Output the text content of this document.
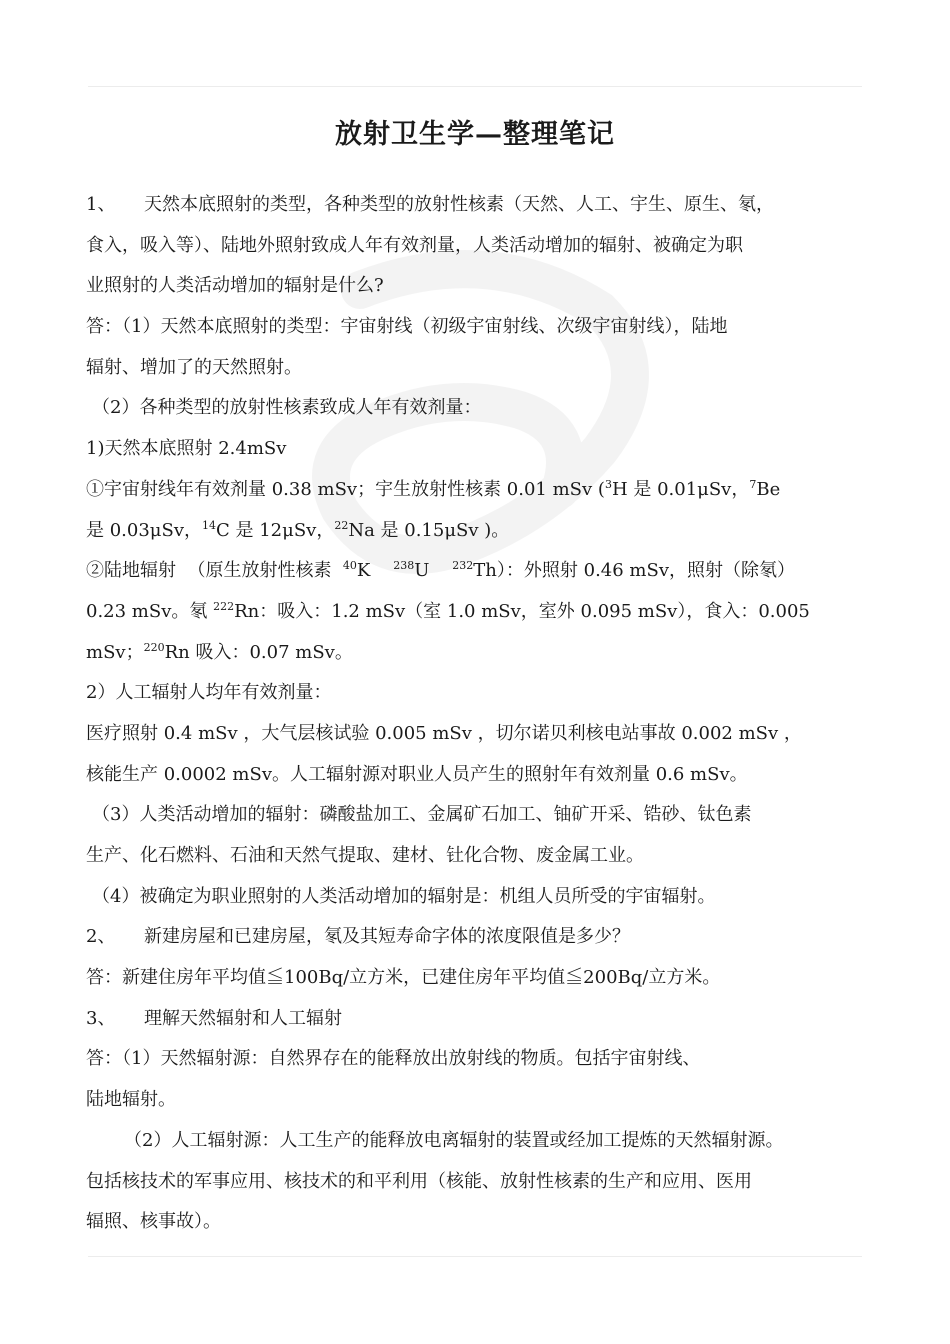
放射卫生学—整理笔记

1、 天然本底照射的类型，各种类型的放射性核素（天然、人工、宇生、原生、氡，

食入，吸入等）、陆地外照射致成人年有效剂量，人类活动增加的辐射、被确定为职

业照射的人类活动增加的辐射是什么?

答：（1）天然本底照射的类型：宇宙射线（初级宇宙射线、次级宇宙射线），陆地

辐射、增加了的天然照射。

（2）各种类型的放射性核素致成人年有效剂量：

1)天然本底照射 2.4mSv

①宇宙射线年有效剂量 0.38 mSv；宇生放射性核素 0.01 mSv ($^3$H 是 0.01μSv，$^7$Be

是 0.03μSv，$^{14}$C 是 12μSv，$^{22}$Na 是 0.15μSv )。

②陆地辐射  （原生放射性核素  $^{40}$K    $^{238}$U    $^{232}$Th）：外照射 0.46 mSv，照射（除氡）

0.23 mSv。氡 $^{222}$Rn：吸入：1.2 mSv（室 1.0 mSv，室外 0.095 mSv），食入：0.005

mSv；$^{220}$Rn 吸入：0.07 mSv。

2）人工辐射人均年有效剂量：

医疗照射 0.4 mSv ，大气层核试验 0.005 mSv ，切尔诺贝利核电站事故 0.002 mSv ，

核能生产 0.0002 mSv。人工辐射源对职业人员产生的照射年有效剂量 0.6 mSv。

（3）人类活动增加的辐射：磷酸盐加工、金属矿石加工、铀矿开采、锆砂、钛色素

生产、化石燃料、石油和天然气提取、建材、钍化合物、废金属工业。

（4）被确定为职业照射的人类活动增加的辐射是：机组人员所受的宇宙辐射。

2、 新建房屋和已建房屋，氡及其短寿命字体的浓度限值是多少？

答：新建住房年平均值≦100Bq/立方米，已建住房年平均值≦200Bq/立方米。

3、 理解天然辐射和人工辐射

答：（1）天然辐射源：自然界存在的能释放出放射线的物质。包括宇宙射线、

陆地辐射。

（2）人工辐射源：人工生产的能释放电离辐射的装置或经加工提炼的天然辐射源。

包括核技术的军事应用、核技术的和平利用（核能、放射性核素的生产和应用、医用

辐照、核事故）。
